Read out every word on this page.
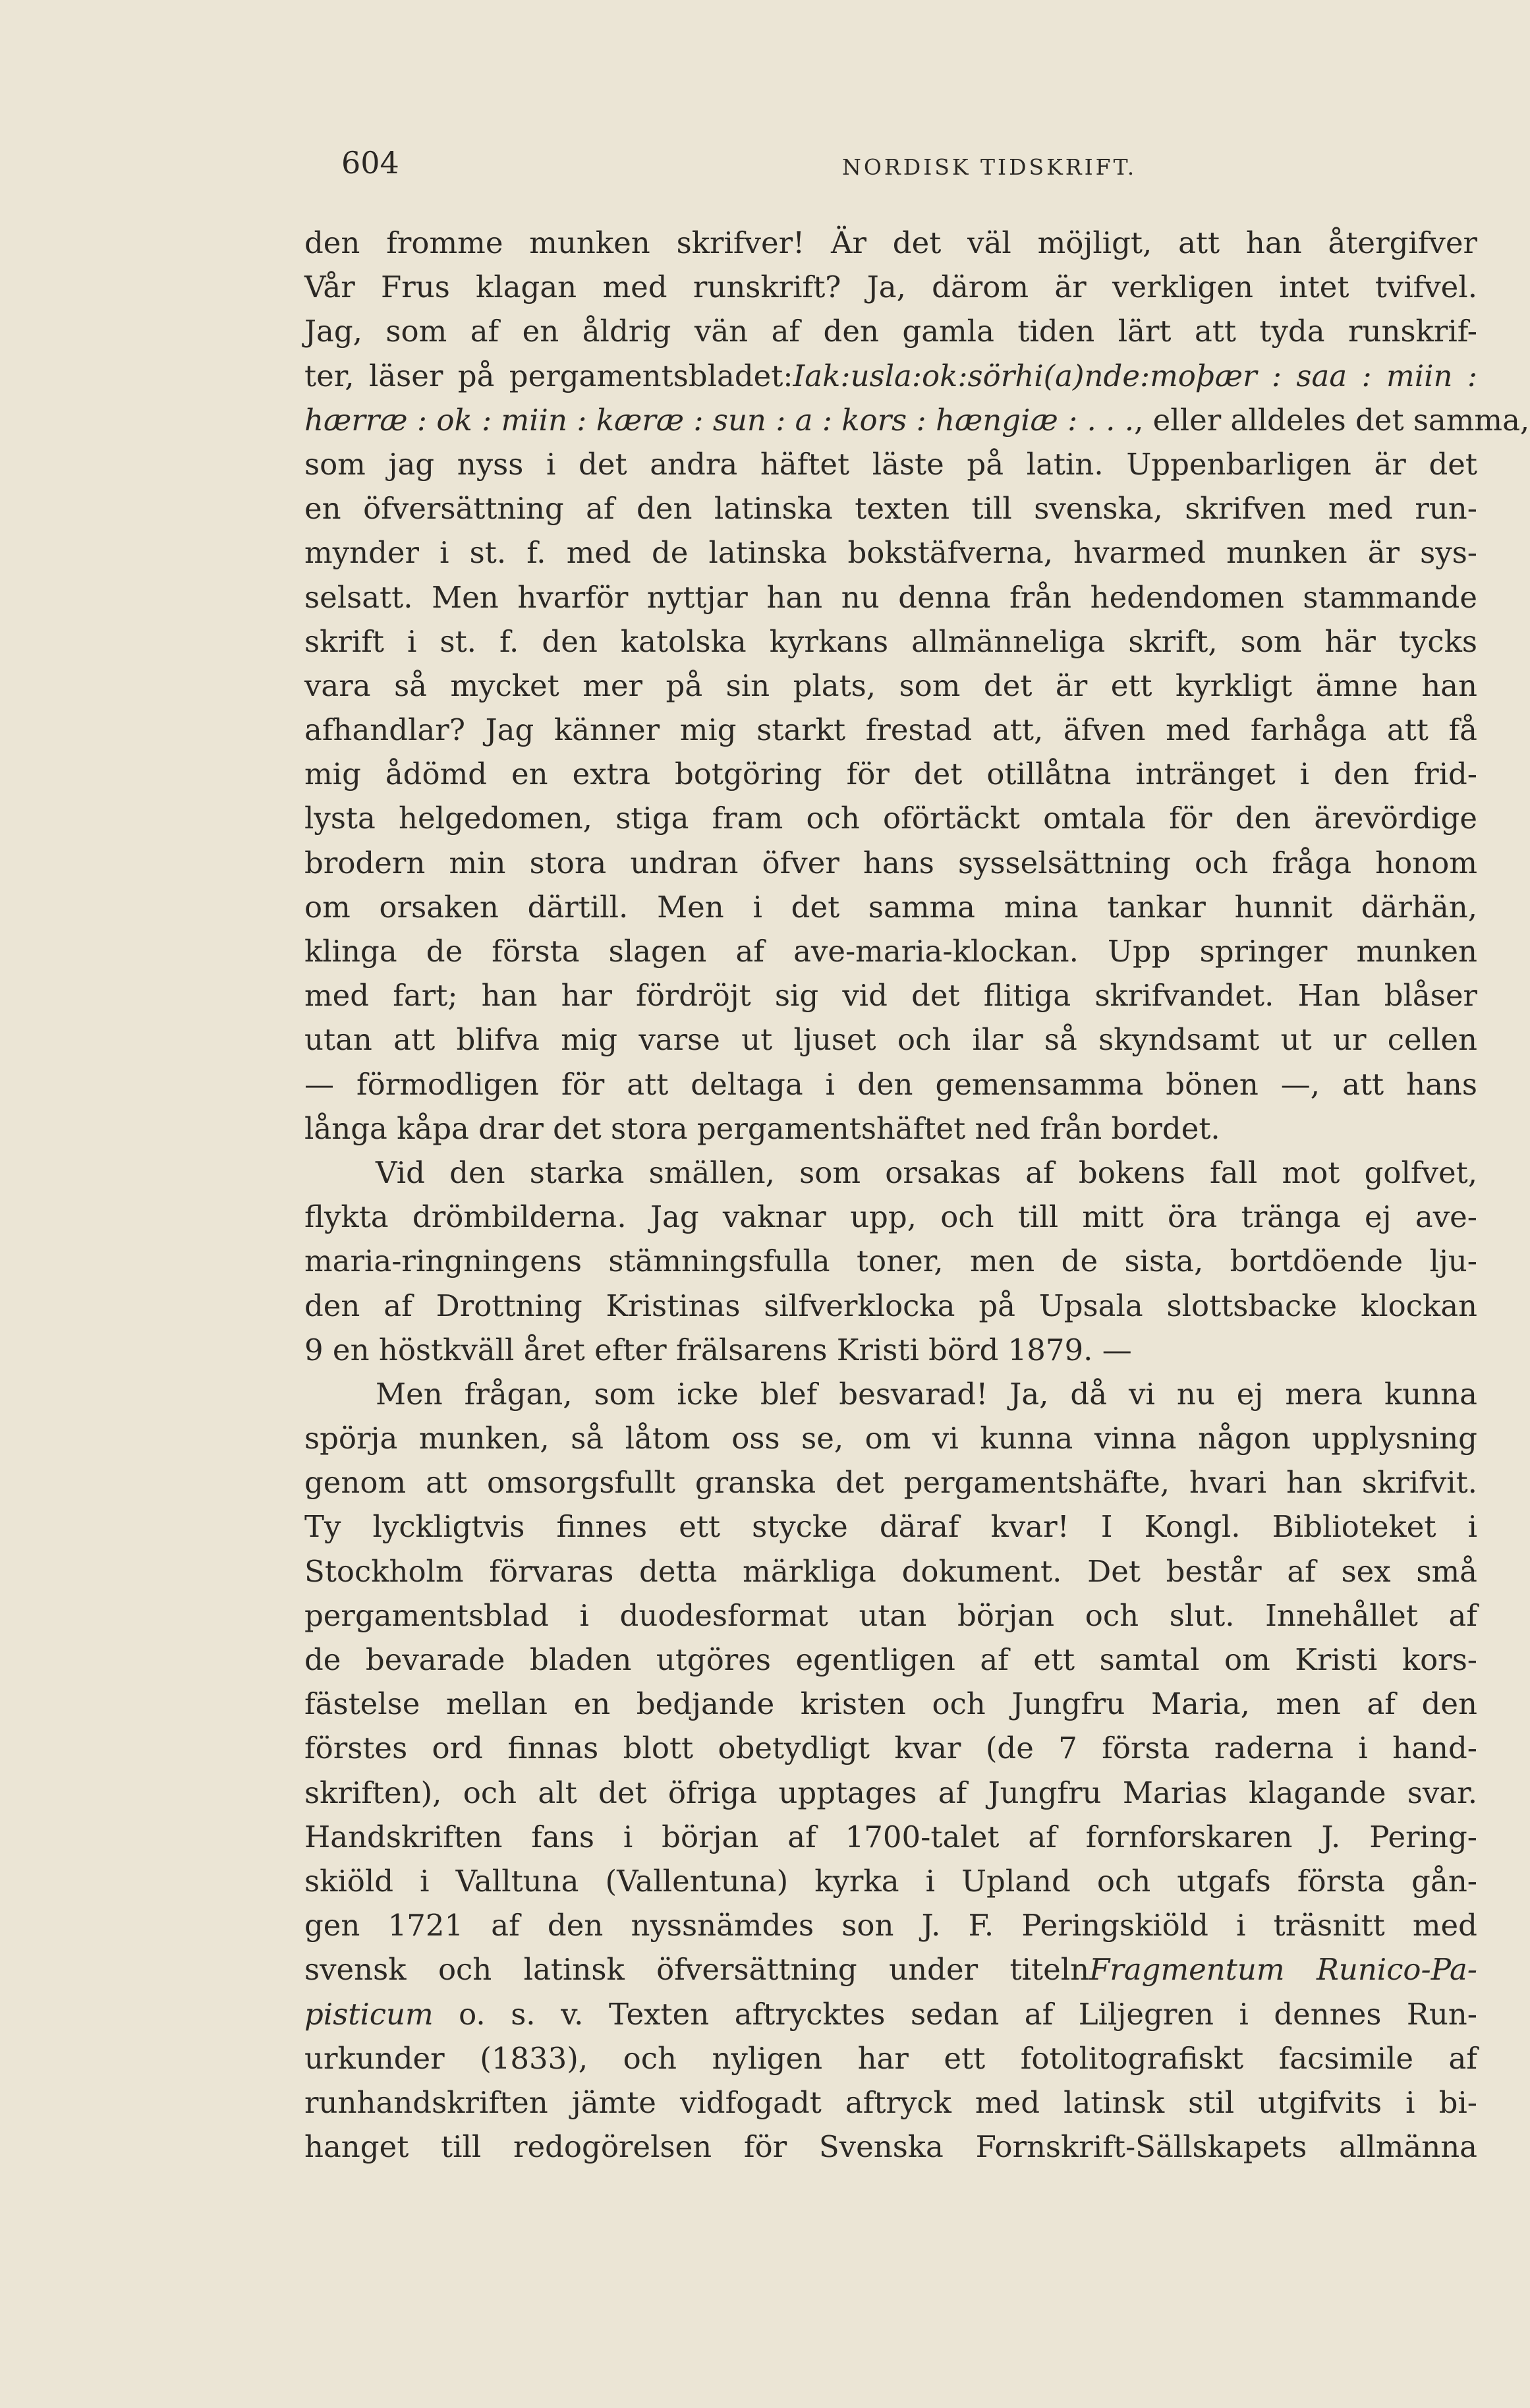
604	NORDISK TIDSKRIFT.
den fromme munken skrifver! Är det väl möjligt, att han återgifver
Vår Frus klagan med runskrift? Ja, därom är verkligen intet tvifvel.
Jag, som af en åldrig vän af den gamla tiden lärt att tyda runskrif-
ter, läser på pergamentsbladet:Iak:usla:ok:sörhi(a)nde:moþær : saa : miin :
hærræ : ok : miin : kæræ : sun : a : kors : hængiæ : . . ., eller alldeles det samma,
som jag nyss i det andra häftet läste på latin. Uppenbarligen är det
en öfversättning af den latinska texten till svenska, skrifven med run-
mynder i st. f. med de latinska bokstäfverna, hvarmed munken är sys-
selsatt. Men hvarför nyttjar han nu denna från hedendomen stammande
skrift i st. f. den katolska kyrkans allmänneliga skrift, som här tycks
vara så mycket mer på sin plats, som det är ett kyrkligt ämne han
afhandlar? Jag känner mig starkt frestad att, äfven med farhåga att få
mig ådömd en extra botgöring för det otillåtna intränget i den frid-
lysta helgedomen, stiga fram och oförtäckt omtala för den ärevördige
brodern min stora undran öfver hans sysselsättning och fråga honom
om orsaken därtill. Men i det samma mina tankar hunnit därhän,
klinga de första slagen af ave-maria-klockan. Upp springer munken
med fart; han har fördröjt sig vid det flitiga skrifvandet. Han blåser
utan att blifva mig varse ut ljuset och ilar så skyndsamt ut ur cellen
— förmodligen för att deltaga i den gemensamma bönen —, att hans
långa kåpa drar det stora pergamentshäftet ned från bordet.
Vid den starka smällen, som orsakas af bokens fall mot golfvet,
flykta drömbilderna. Jag vaknar upp, och till mitt öra tränga ej ave-
maria-ringningens stämningsfulla toner, men de sista, bortdöende lju-
den af Drottning Kristinas silfverklocka på Upsala slottsbacke klockan
9 en höstkväll året efter frälsarens Kristi börd 1879. —
Men frågan, som icke blef besvarad! Ja, då vi nu ej mera kunna
spörja munken, så låtom oss se, om vi kunna vinna någon upplysning
genom att omsorgsfullt granska det pergamentshäfte, hvari han skrifvit.
Ty lyckligtvis finnes ett stycke däraf kvar! I Kongl. Biblioteket i
Stockholm förvaras detta märkliga dokument. Det består af sex små
pergamentsblad i duodesformat utan början och slut. Innehållet af
de bevarade bladen utgöres egentligen af ett samtal om Kristi kors-
fästelse mellan en bedjande kristen och Jungfru Maria, men af den
förstes ord finnas blott obetydligt kvar (de 7 första raderna i hand-
skriften), och alt det öfriga upptages af Jungfru Marias klagande svar.
Handskriften fans i början af 1700-talet af fornforskaren J. Pering-
skiöld i Valltuna (Vallentuna) kyrka i Upland och utgafs första gån-
gen 1721 af den nyssnämdes son J. F. Peringskiöld i träsnitt med
svensk och latinsk öfversättning under titelnFragmentum Runico-Pa-
pisticum o. s. v. Texten aftrycktes sedan af Liljegren i dennes Run-
urkunder (1833), och nyligen har ett fotolitografiskt facsimile af
runhandskriften jämte vidfogadt aftryck med latinsk stil utgifvits i bi-
hanget till redogörelsen för Svenska Fornskrift-Sällskapets allmänna
